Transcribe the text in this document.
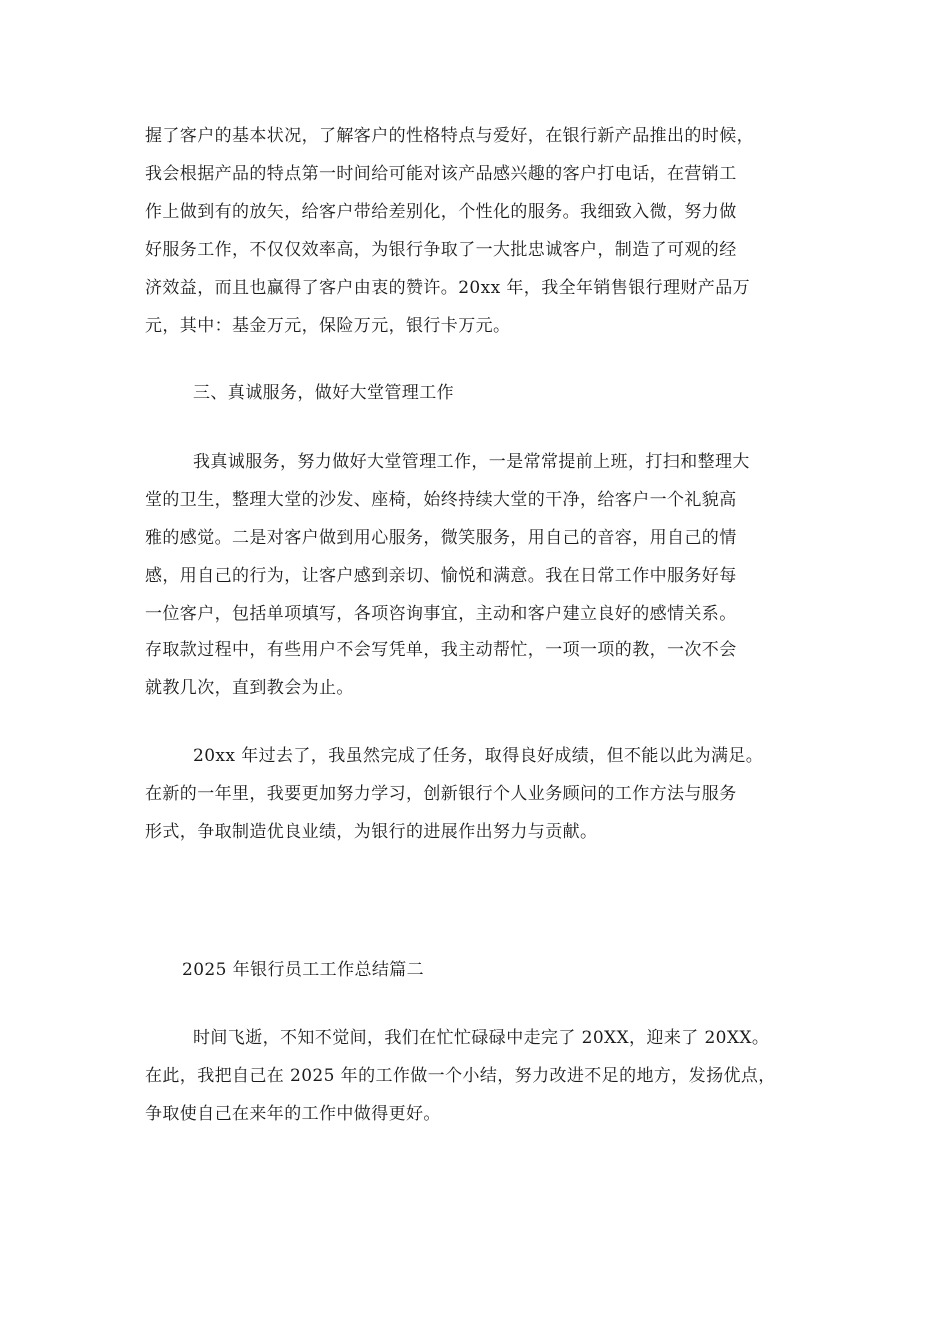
握了客户的基本状况，了解客户的性格特点与爱好，在银行新产品推出的时候，
我会根据产品的特点第一时间给可能对该产品感兴趣的客户打电话，在营销工
作上做到有的放矢，给客户带给差别化，个性化的服务。我细致入微，努力做
好服务工作，不仅仅效率高，为银行争取了一大批忠诚客户，制造了可观的经
济效益，而且也赢得了客户由衷的赞许。20xx 年，我全年销售银行理财产品万
元，其中：基金万元，保险万元，银行卡万元。
三、真诚服务，做好大堂管理工作
我真诚服务，努力做好大堂管理工作，一是常常提前上班，打扫和整理大
堂的卫生，整理大堂的沙发、座椅，始终持续大堂的干净，给客户一个礼貌高
雅的感觉。二是对客户做到用心服务，微笑服务，用自己的音容，用自己的情
感，用自己的行为，让客户感到亲切、愉悦和满意。我在日常工作中服务好每
一位客户，包括单项填写，各项咨询事宜，主动和客户建立良好的感情关系。
存取款过程中，有些用户不会写凭单，我主动帮忙，一项一项的教，一次不会
就教几次，直到教会为止。
20xx 年过去了，我虽然完成了任务，取得良好成绩，但不能以此为满足。
在新的一年里，我要更加努力学习，创新银行个人业务顾问的工作方法与服务
形式，争取制造优良业绩，为银行的进展作出努力与贡献。
2025 年银行员工工作总结篇二
时间飞逝，不知不觉间，我们在忙忙碌碌中走完了 20XX，迎来了 20XX。
在此，我把自己在 2025 年的工作做一个小结，努力改进不足的地方，发扬优点，
争取使自己在来年的工作中做得更好。
